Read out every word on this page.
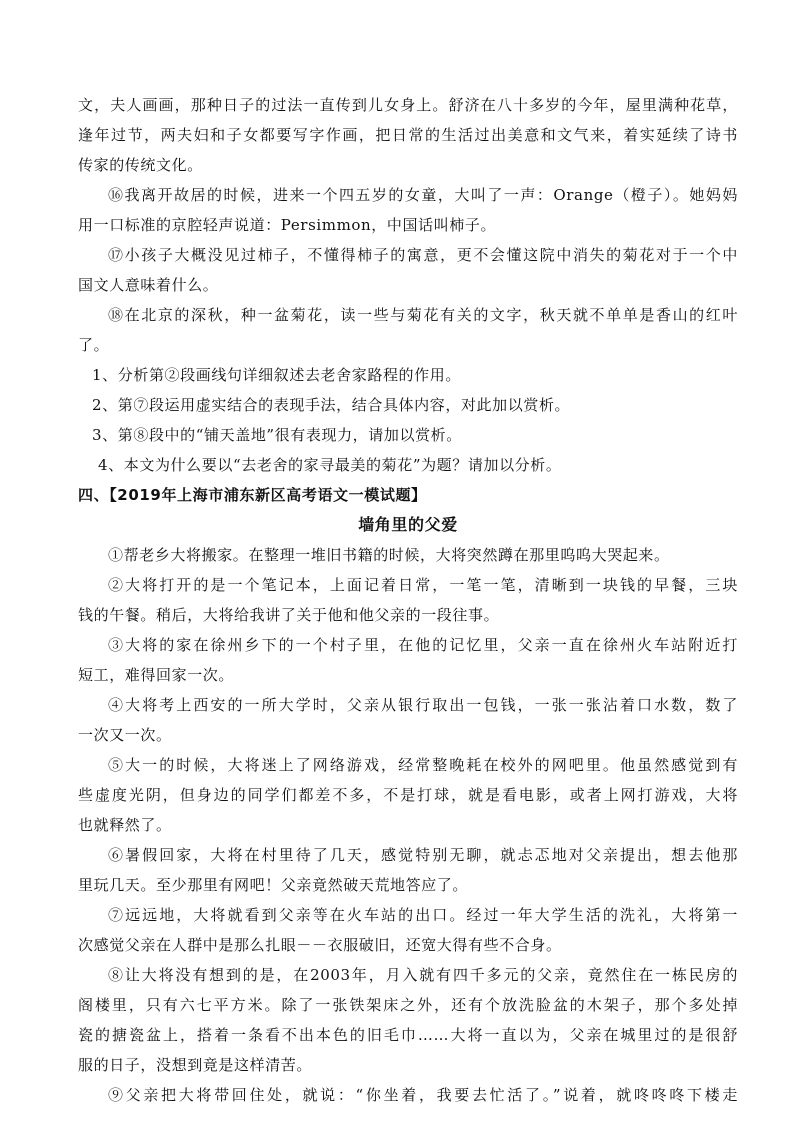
文，夫人画画，那种日子的过法一直传到儿女身上。舒济在八十多岁的今年，屋里满种花草，
逢年过节，两夫妇和子女都要写字作画，把日常的生活过出美意和文气来，着实延续了诗书
传家的传统文化。
⑯我离开故居的时候，进来一个四五岁的女童，大叫了一声：Orange（橙子）。她妈妈
用一口标准的京腔轻声说道：Persimmon，中国话叫柿子。
⑰小孩子大概没见过柿子，不懂得柿子的寓意，更不会懂这院中消失的菊花对于一个中
国文人意味着什么。
⑱在北京的深秋，种一盆菊花，读一些与菊花有关的文字，秋天就不单单是香山的红叶
了。
1、分析第②段画线句详细叙述去老舍家路程的作用。
2、第⑦段运用虚实结合的表现手法，结合具体内容，对此加以赏析。
3、第⑧段中的“铺天盖地”很有表现力，请加以赏析。
4、本文为什么要以“去老舍的家寻最美的菊花”为题？请加以分析。
四、【2019年上海市浦东新区高考语文一模试题】
墙角里的父爱
①帮老乡大将搬家。在整理一堆旧书籍的时候，大将突然蹲在那里呜呜大哭起来。
②大将打开的是一个笔记本，上面记着日常，一笔一笔，清晰到一块钱的早餐，三块
钱的午餐。稍后，大将给我讲了关于他和他父亲的一段往事。
③大将的家在徐州乡下的一个村子里，在他的记忆里，父亲一直在徐州火车站附近打
短工，难得回家一次。
④大将考上西安的一所大学时，父亲从银行取出一包钱，一张一张沾着口水数，数了
一次又一次。
⑤大一的时候，大将迷上了网络游戏，经常整晚耗在校外的网吧里。他虽然感觉到有
些虚度光阴，但身边的同学们都差不多，不是打球，就是看电影，或者上网打游戏，大将
也就释然了。
⑥暑假回家，大将在村里待了几天，感觉特别无聊，就忐忑地对父亲提出，想去他那
里玩几天。至少那里有网吧！父亲竟然破天荒地答应了。
⑦远远地，大将就看到父亲等在火车站的出口。经过一年大学生活的洗礼，大将第一
次感觉父亲在人群中是那么扎眼－－衣服破旧，还宽大得有些不合身。
⑧让大将没有想到的是，在2003年，月入就有四千多元的父亲，竟然住在一栋民房的
阁楼里，只有六七平方米。除了一张铁架床之外，还有个放洗脸盆的木架子，那个多处掉
瓷的搪瓷盆上，搭着一条看不出本色的旧毛巾……大将一直以为，父亲在城里过的是很舒
服的日子，没想到竟是这样清苦。
⑨父亲把大将带回住处，就说：“你坐着，我要去忙活了。”说着，就咚咚咚下楼走
